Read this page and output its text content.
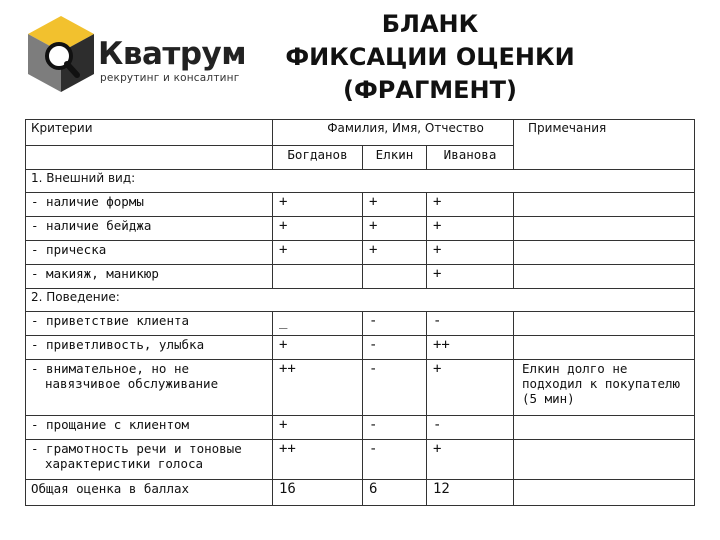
Кватрум
рекрутинг и консалтинг
БЛАНК
ФИКСАЦИИ ОЦЕНКИ
(ФРАГМЕНТ)
Критерии	Фамилия, Имя, Отчество			Примечания
	Богданов	Елкин	Иванова	
1. Внешний вид:				
- наличие формы	+	+	+	
- наличие бейджа	+	+	+	
- прическа	+	+	+	
- макияж, маникюр			+	
2. Поведение:				
- приветствие клиента	_	-	-	
- приветливость, улыбка	+	-	++	
- внимательное, но не
навязчивое обслуживание	++	-	+	Елкин долго не подходил к покупателю (5 мин)
- прощание с клиентом	+	-	-	
- грамотность речи и тоновые
характеристики голоса	++	-	+	
Общая оценка в баллах	16	6	12	
